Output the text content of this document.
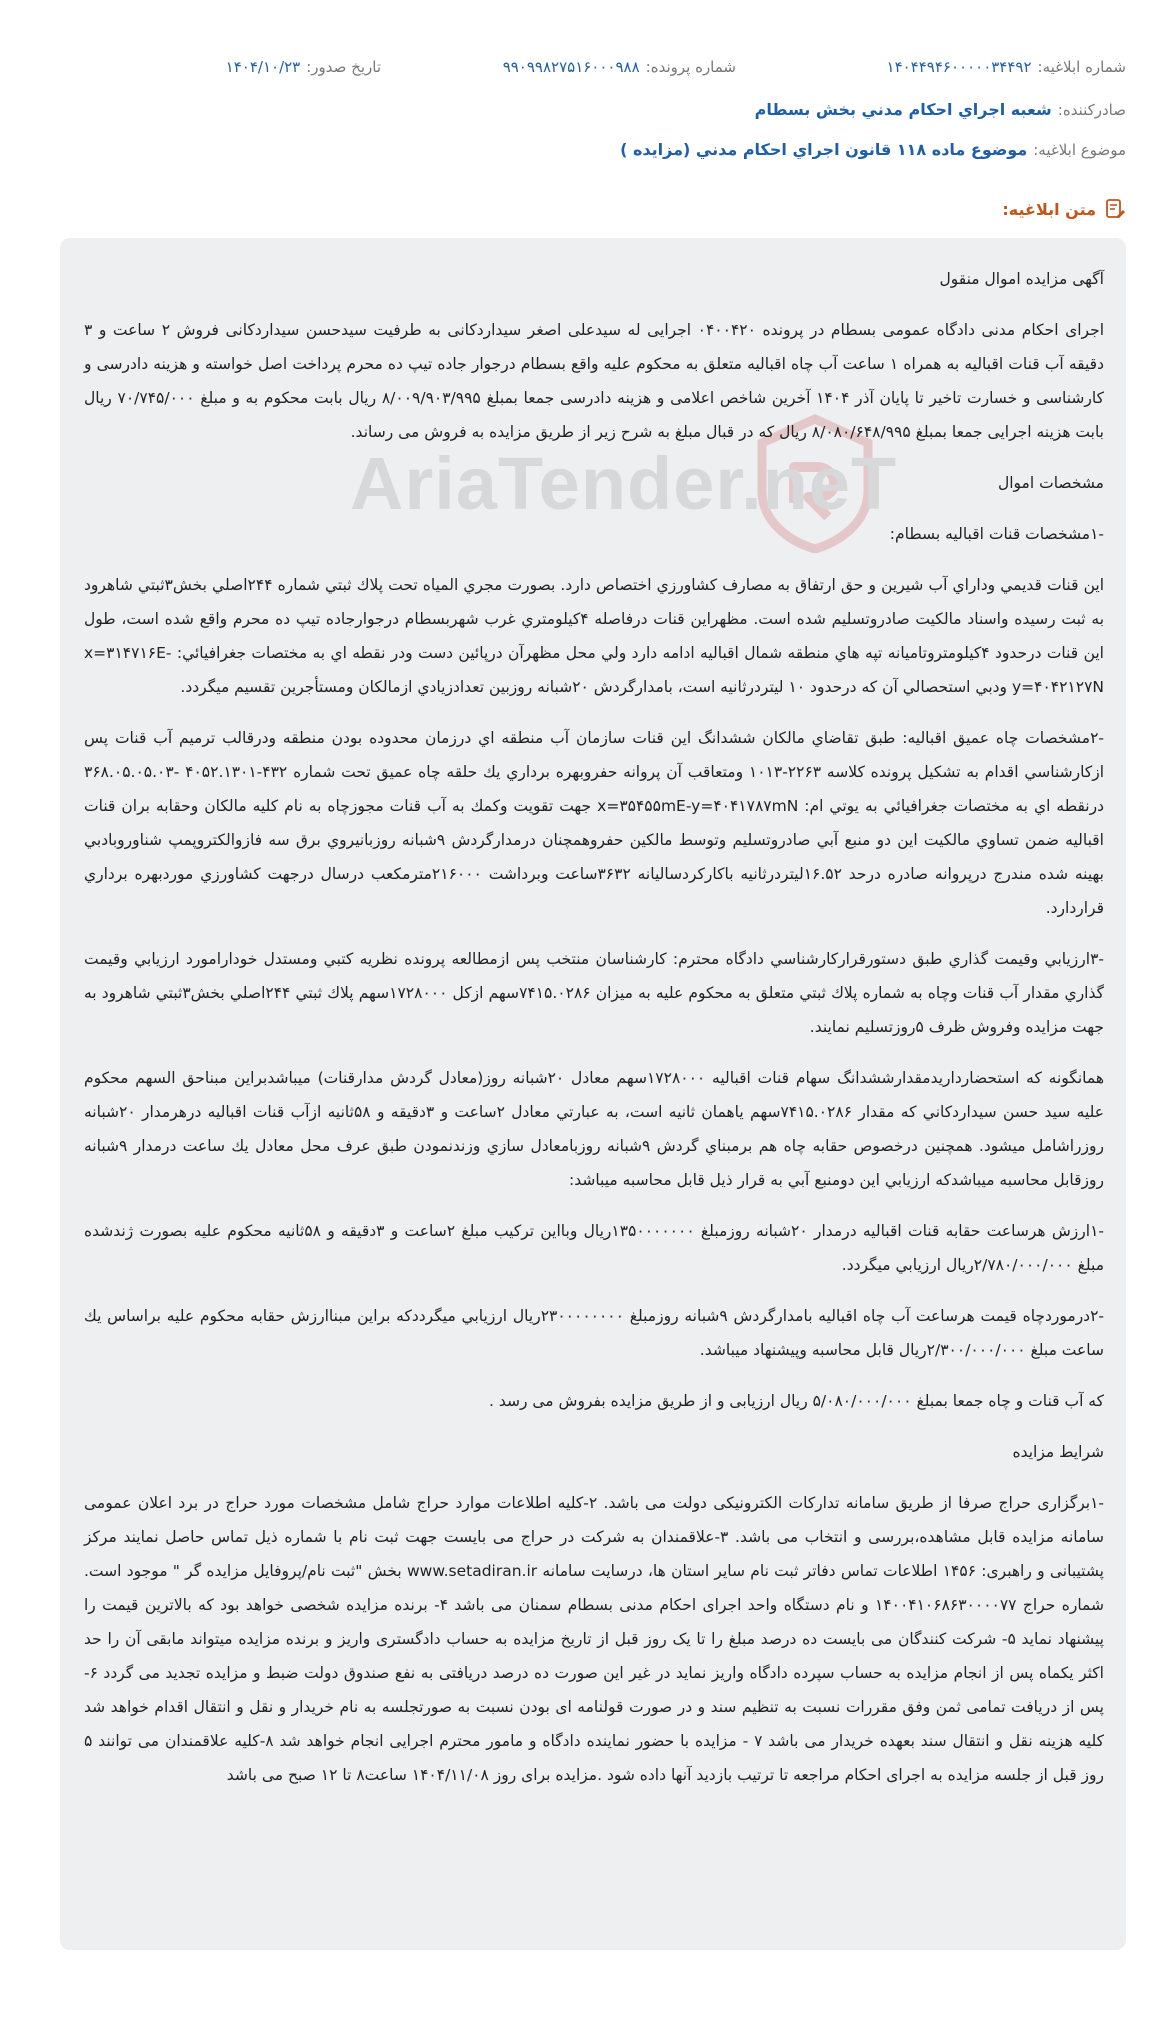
شماره ابلاغيه:۱۴۰۴۴۹۴۶۰۰۰۰۰۳۴۴۹۲
شماره پرونده:۹۹۰۹۹۸۲۷۵۱۶۰۰۰۹۸۸
تاریخ صدور:۱۴۰۴/۱۰/۲۳
صادرکننده:شعبه اجراي احكام مدني بخش بسطام
موضوع ابلاغيه:موضوع ماده ۱۱۸ قانون اجراي احكام مدني (مزايده )
متن ابلاغيه:
AriaTender.neT

آگهی مزایده اموال منقول

اجرای احکام مدنی دادگاه عمومی بسطام در پرونده ۰۴۰۰۴۲۰ اجرایی له سیدعلی اصغر سیداردکانی به طرفیت سیدحسن سیداردکانی فروش ۲ ساعت و ۳ دقیقه آب قنات اقبالیه به همراه ۱ ساعت آب چاه اقبالیه متعلق به محکوم علیه واقع بسطام درجوار جاده تیپ ده محرم پرداخت اصل خواسته و هزینه دادرسی و کارشناسی و خسارت تاخیر تا پایان آذر ۱۴۰۴ آخرین شاخص اعلامی و هزینه دادرسی جمعا بمبلغ ۸/۰۰۹/۹۰۳/۹۹۵ ریال بابت محکوم به و مبلغ ۷۰/۷۴۵/۰۰۰ ریال بابت هزینه اجرایی جمعا بمبلغ ۸/۰۸۰/۶۴۸/۹۹۵ ریال که در قبال مبلغ به شرح زیر از طریق مزایده به فروش می رساند.

مشخصات اموال

-۱مشخصات قنات اقباليه بسطام:

اين قنات قديمي وداراي آب شيرين و حق ارتفاق به مصارف كشاورزي اختصاص دارد. بصورت مجري المياه تحت پلاك ثبتي شماره ۲۴۴اصلي بخش۳ثبتي شاهرود به ثبت رسيده واسناد مالكيت صادروتسليم شده است. مظهراين قنات درفاصله ۴كيلومتري غرب شهربسطام درجوارجاده تيپ ده محرم واقع شده است، طول اين قنات درحدود ۴كيلومتروتاميانه تپه هاي منطقه شمال اقباليه ادامه دارد ولي محل مظهرآن درپائين دست ودر نقطه اي به مختصات جغرافيائي: x=۳۱۴۷۱۶E-y=۴۰۴۲۱۲۷N ودبي استحصالي آن كه درحدود ۱۰ ليتردرثانيه است، بامدارگردش ۲۰شبانه روزبين تعدادزيادي ازمالكان ومستأجرين تقسيم ميگردد.

-۲مشخصات چاه عميق اقباليه: طبق تقاضاي مالكان ششدانگ اين قنات سازمان آب منطقه اي درزمان محدوده بودن منطقه ودرقالب ترميم آب قنات پس ازكارشناسي اقدام به تشكيل پرونده كلاسه ۲۲۶۳-۱۰۱۳ ومتعاقب آن پروانه حفروبهره برداري يك حلقه چاه عميق تحت شماره ۴۳۲-۴۰۵۲.۱۳۰۱ -۳۶۸.۰۵.۰۵.۰۳ درنقطه اي به مختصات جغرافيائي به يوتي ام: x=۳۵۴۵۵mE-y=۴۰۴۱۷۸۷mN جهت تقويت وكمك به آب قنات مجوزچاه به نام كليه مالكان وحقابه بران قنات اقباليه ضمن تساوي مالكيت اين دو منبع آبي صادروتسليم وتوسط مالكين حفروهمچنان درمدارگردش ۹شبانه روزبانيروي برق سه فازوالكتروپمپ شناوروبادبي بهينه شده مندرج درپروانه صادره درحد ۱۶.۵۲ليتردرثانيه باكاركردساليانه ۳۶۳۲ساعت وبرداشت ۲۱۶۰۰۰مترمكعب درسال درجهت كشاورزي موردبهره برداري قراردارد.

-۳ارزيابي وقيمت گذاري طبق دستورقراركارشناسي دادگاه محترم: كارشناسان منتخب پس ازمطالعه پرونده نظريه كتبي ومستدل خودارامورد ارزيابي وقيمت گذاري مقدار آب قنات وچاه به شماره پلاك ثبتي متعلق به محكوم عليه به ميزان ۷۴۱۵.۰۲۸۶سهم ازكل ۱۷۲۸۰۰۰سهم پلاك ثبتي ۲۴۴اصلي بخش۳ثبتي شاهرود به جهت مزايده وفروش ظرف ۵روزتسليم نمايند.

همانگونه كه استحضارداريدمقدارششدانگ سهام قنات اقباليه ۱۷۲۸۰۰۰سهم معادل ۲۰شبانه روز(معادل گردش مدارقنات) ميباشدبراين مبناحق السهم محكوم عليه سيد حسن سيداردكاني كه مقدار ۷۴۱۵.۰۲۸۶سهم ياهمان ثانيه است، به عبارتي معادل ۲ساعت و ۳دقيقه و ۵۸ثانيه ازآب قنات اقباليه درهرمدار ۲۰شبانه روزراشامل ميشود. همچنين درخصوص حقابه چاه هم برمبناي گردش ۹شبانه روزبامعادل سازي وزندنمودن طبق عرف محل معادل يك ساعت درمدار ۹شبانه روزقابل محاسبه ميباشدكه ارزيابي اين دومنبع آبي به قرار ذيل قابل محاسبه ميباشد:

-۱ارزش هرساعت حقابه قنات اقباليه درمدار ۲۰شبانه روزمبلغ ۱۳۵۰۰۰۰۰۰۰ريال وبااين تركيب مبلغ ۲ساعت و ۳دقيقه و ۵۸ثانيه محكوم عليه بصورت ژندشده مبلغ ۲/۷۸۰/۰۰۰/۰۰۰ريال ارزيابي ميگردد.

-۲درموردچاه قيمت هرساعت آب چاه اقباليه بامدارگردش ۹شبانه روزمبلغ ۲۳۰۰۰۰۰۰۰۰ريال ارزيابي ميگرددكه براين مبناارزش حقابه محكوم عليه براساس يك ساعت مبلغ ۲/۳۰۰/۰۰۰/۰۰۰ريال قابل محاسبه وپيشنهاد ميباشد.

که آب قنات و چاه جمعا بمبلغ ۵/۰۸۰/۰۰۰/۰۰۰ ریال ارزیابی و از طریق مزایده بفروش می رسد .

شرایط مزایده

-۱برگزاری حراج صرفا از طریق سامانه تدارکات الکترونیکی دولت می باشد. ۲-کلیه اطلاعات موارد حراج شامل مشخصات مورد حراج در برد اعلان عمومی سامانه مزایده قابل مشاهده،بررسی و انتخاب می باشد. ۳-علاقمندان به شرکت در حراج می بایست جهت ثبت نام با شماره ذیل تماس حاصل نمایند مرکز پشتیبانی و راهبری: ۱۴۵۶ اطلاعات تماس دفاتر ثبت نام سایر استان ها، درسایت سامانه www.setadiran.ir بخش "ثبت نام/پروفایل مزایده گر " موجود است. شماره حراج ۱۴۰۰۴۱۰۶۸۶۳۰۰۰۰۷۷ و نام دستگاه واحد اجرای احکام مدنی بسطام سمنان می باشد ۴- برنده مزایده شخصی خواهد بود که بالاترین قیمت را پیشنهاد نماید ۵- شرکت کنندگان می بایست ده درصد مبلغ را تا یک روز قبل از تاریخ مزایده به حساب دادگستری واریز و برنده مزایده میتواند مابقی آن را حد اکثر یکماه پس از انجام مزایده به حساب سپرده دادگاه واریز نماید در غیر این صورت ده درصد دریافتی به نفع صندوق دولت ضبط و مزایده تجدید می گردد ۶- پس از دریافت تمامی ثمن وفق مقررات نسبت به تنظیم سند و در صورت قولنامه ای بودن نسبت به صورتجلسه به نام خریدار و نقل و انتقال اقدام خواهد شد کلیه هزینه نقل و انتقال سند بعهده خریدار می باشد ۷ - مزایده با حضور نماینده دادگاه و مامور محترم اجرایی انجام خواهد شد ۸-کلیه علاقمندان می توانند ۵ روز قبل از جلسه مزایده به اجرای احکام مراجعه تا ترتیب بازدید آنها داده شود .مزایده برای روز ۱۴۰۴/۱۱/۰۸ ساعت۸ تا ۱۲ صبح می باشد
